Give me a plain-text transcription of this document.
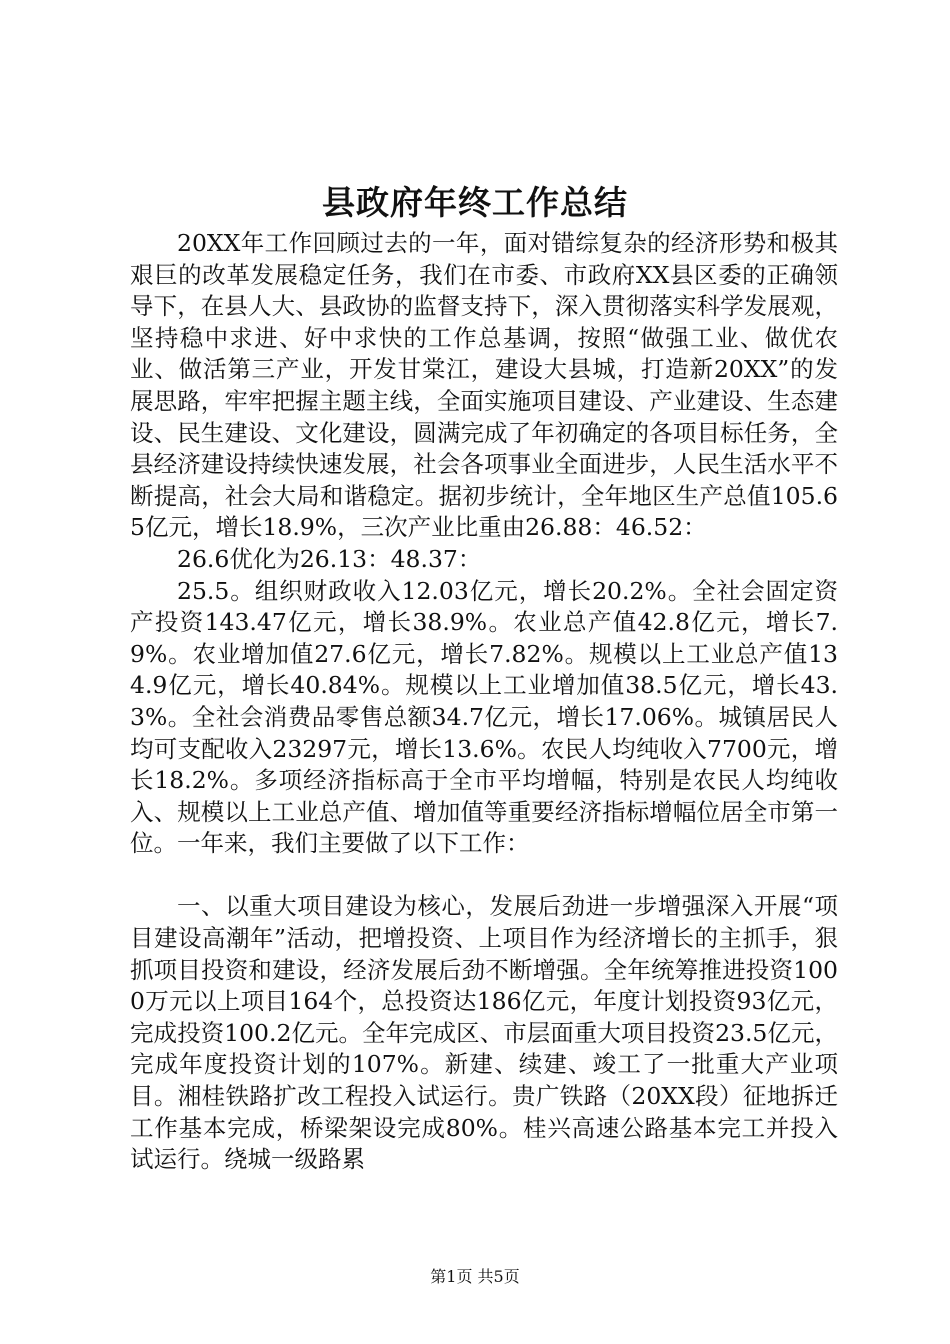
县政府年终工作总结

20XX年工作回顾过去的一年，面对错综复杂的经济形势和极其艰巨的改革发展稳定任务，我们在市委、市政府XX县区委的正确领导下，在县人大、县政协的监督支持下，深入贯彻落实科学发展观，坚持稳中求进、好中求快的工作总基调，按照“做强工业、做优农业、做活第三产业，开发甘棠江，建设大县城，打造新20XX”的发展思路，牢牢把握主题主线，全面实施项目建设、产业建设、生态建设、民生建设、文化建设，圆满完成了年初确定的各项目标任务，全县经济建设持续快速发展，社会各项事业全面进步，人民生活水平不断提高，社会大局和谐稳定。据初步统计，全年地区生产总值105.65亿元，增长18.9%，三次产业比重由26.88：46.52：

26.6优化为26.13：48.37：

25.5。组织财政收入12.03亿元，增长20.2%。全社会固定资产投资143.47亿元，增长38.9%。农业总产值42.8亿元，增长7.9%。农业增加值27.6亿元，增长7.82%。规模以上工业总产值134.9亿元，增长40.84%。规模以上工业增加值38.5亿元，增长43.3%。全社会消费品零售总额34.7亿元，增长17.06%。城镇居民人均可支配收入23297元，增长13.6%。农民人均纯收入7700元，增长18.2%。多项经济指标高于全市平均增幅，特别是农民人均纯收入、规模以上工业总产值、增加值等重要经济指标增幅位居全市第一位。一年来，我们主要做了以下工作：

一、以重大项目建设为核心，发展后劲进一步增强深入开展“项目建设高潮年”活动，把增投资、上项目作为经济增长的主抓手，狠抓项目投资和建设，经济发展后劲不断增强。全年统筹推进投资1000万元以上项目164个，总投资达186亿元，年度计划投资93亿元，完成投资100.2亿元。全年完成区、市层面重大项目投资23.5亿元，完成年度投资计划的107%。新建、续建、竣工了一批重大产业项目。湘桂铁路扩改工程投入试运行。贵广铁路（20XX段）征地拆迁工作基本完成，桥梁架设完成80%。桂兴高速公路基本完工并投入试运行。绕城一级路累

第1页 共5页
